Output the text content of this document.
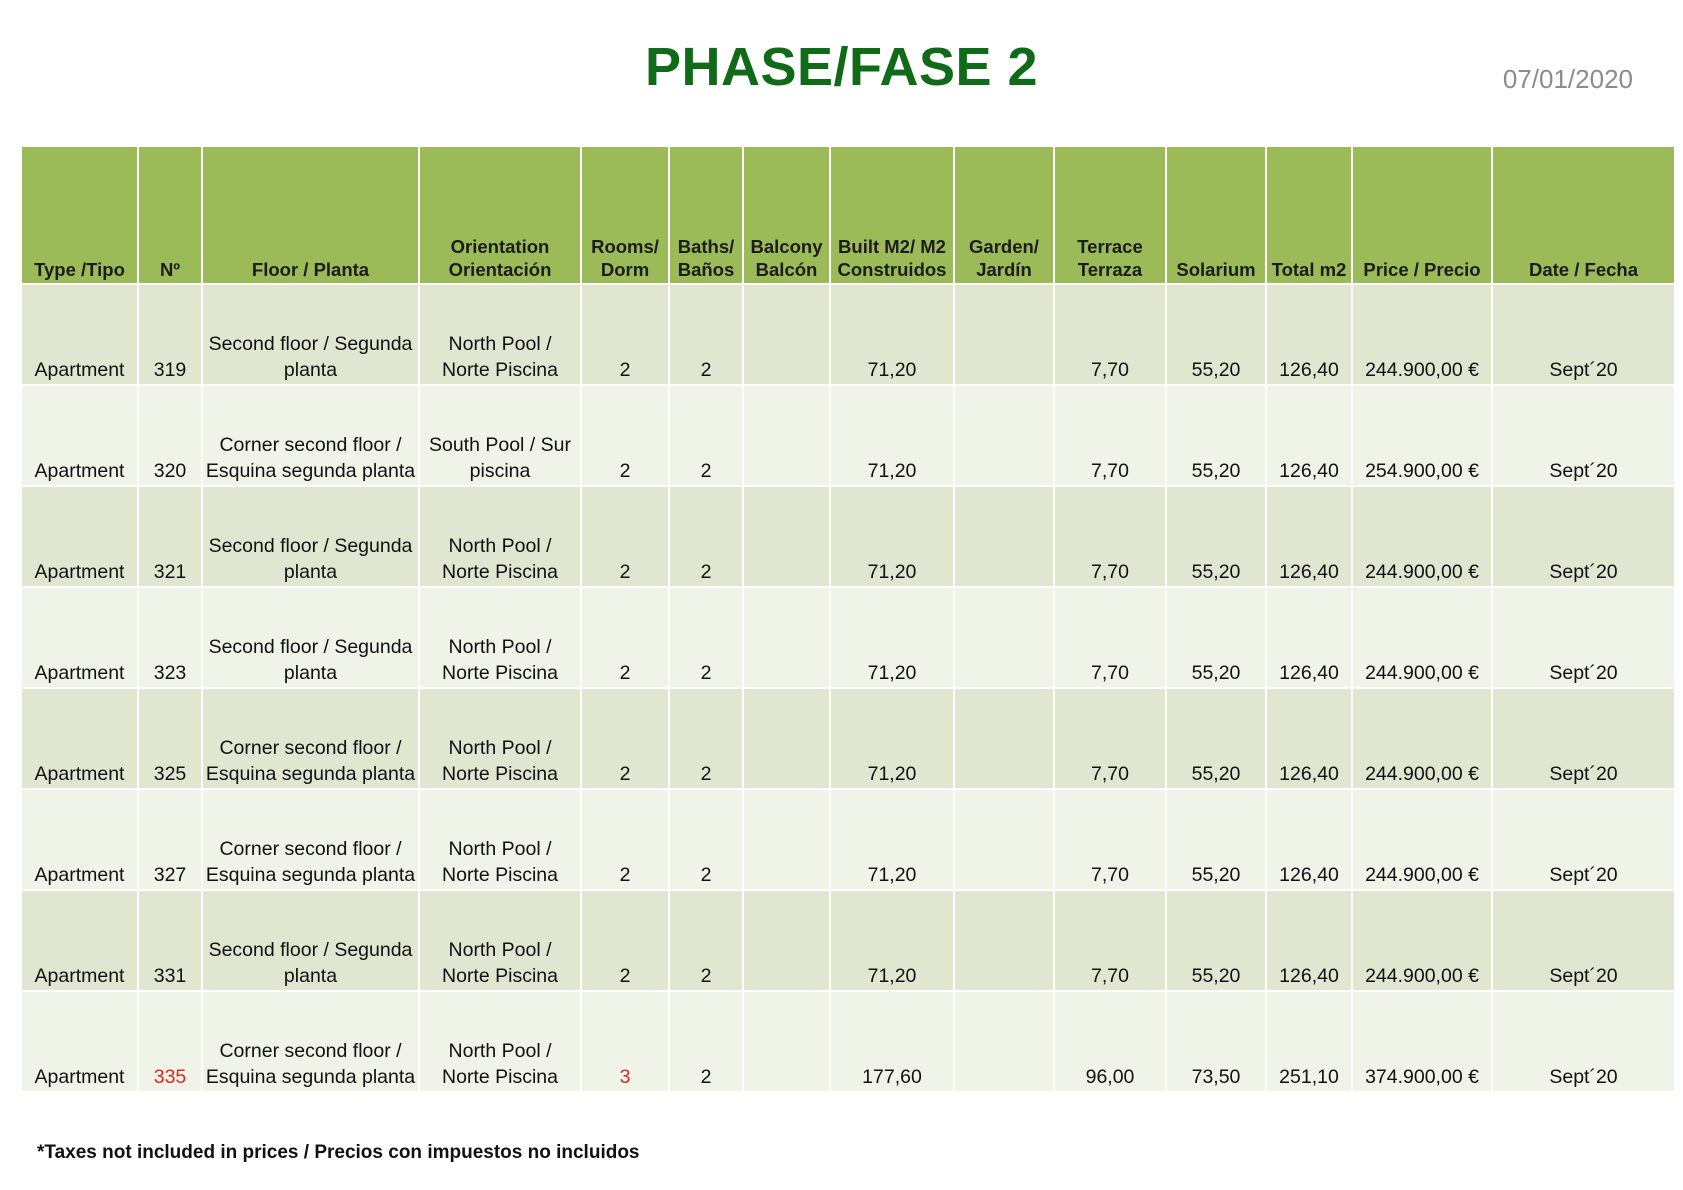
PHASE/FASE 2	07/01/2020
Type /Tipo	Nº	Floor / Planta	Orientation Orientación	Rooms/ Dorm	Baths/ Baños	Balcony Balcón	Built M2/ M2 Construidos	Garden/ Jardín	Terrace Terraza	Solarium	Total m2	Price / Precio	Date / Fecha
Apartment	319	Second floor / Segunda planta	North Pool / Norte Piscina	2	2		71,20		7,70	55,20	126,40	244.900,00 €	Sept´20
Apartment	320	Corner second floor / Esquina segunda planta	South Pool / Sur piscina	2	2		71,20		7,70	55,20	126,40	254.900,00 €	Sept´20
Apartment	321	Second floor / Segunda planta	North Pool / Norte Piscina	2	2		71,20		7,70	55,20	126,40	244.900,00 €	Sept´20
Apartment	323	Second floor / Segunda planta	North Pool / Norte Piscina	2	2		71,20		7,70	55,20	126,40	244.900,00 €	Sept´20
Apartment	325	Corner second floor / Esquina segunda planta	North Pool / Norte Piscina	2	2		71,20		7,70	55,20	126,40	244.900,00 €	Sept´20
Apartment	327	Corner second floor / Esquina segunda planta	North Pool / Norte Piscina	2	2		71,20		7,70	55,20	126,40	244.900,00 €	Sept´20
Apartment	331	Second floor / Segunda planta	North Pool / Norte Piscina	2	2		71,20		7,70	55,20	126,40	244.900,00 €	Sept´20
Apartment	335	Corner second floor / Esquina segunda planta	North Pool / Norte Piscina	3	2		177,60		96,00	73,50	251,10	374.900,00 €	Sept´20
*Taxes not included in prices / Precios con impuestos no incluidos
